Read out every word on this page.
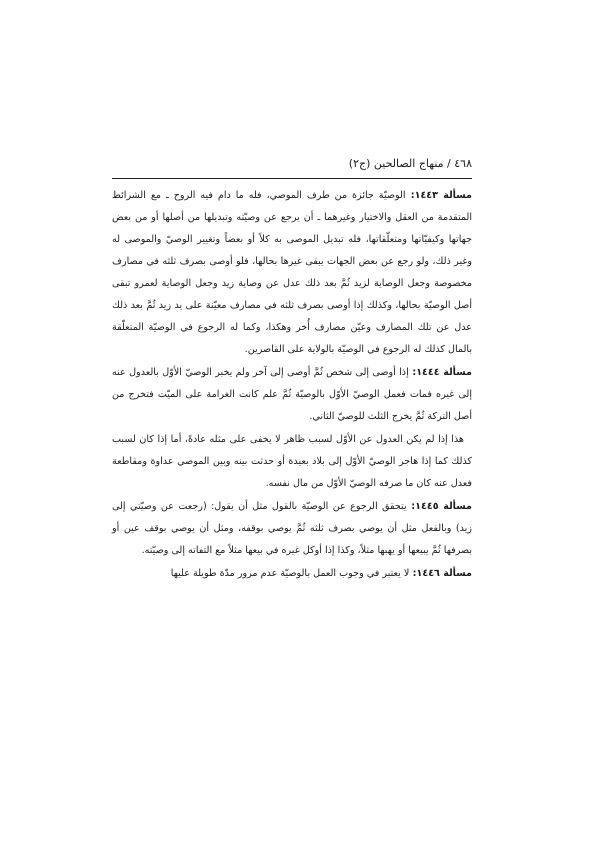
٤٦٨ / منهاج الصالحين (ج٢)

مسألة ١٤٤٣: الوصيّة جائزة من طرف الموصي، فله ما دام فيه الروح ـ مع الشرائط المتقدمة من العقل والاختيار وغيرهما ـ أن يرجع عن وصيّته وتبديلها من أصلها أو من بعض جهاتها وكيفيّاتها ومتعلّقاتها، فله تبديل الموصى به كلاً أو بعضاً وتغيير الوصيّ والموصى له وغير ذلك، ولو رجع عن بعض الجهات يبقى غيرها بحالها، فلو أوصى بصرف ثلثه في مصارف مخصوصة وجعل الوصاية لزيد ثُمَّ بعد ذلك عدل عن وصاية زيد وجعل الوصاية لعمرو تبقى أصل الوصيّة بحالها، وكذلك إذا أوصى بصرف ثلثه في مصارف معيّنة على يد زيد ثُمَّ بعد ذلك عدل عن تلك المصارف وعيّن مصارف أُخر وهكذا، وكما له الرجوع في الوصيّة المتعلّقة بالمال كذلك له الرجوع في الوصيّة بالولاية على القاصرين.

مسألة ١٤٤٤: إذا أوصى إلى شخص ثُمَّ أوصى إلى آخر ولم يخبر الوصيّ الأوّل بالعدول عنه إلى غيره فمات فعمل الوصيّ الأوّل بالوصيّة ثُمَّ علم كانت الغرامة على الميّت فتخرج من أصل التركة ثُمَّ يخرج الثلث للوصيّ الثاني.

هذا إذا لم يكن العدول عن الأوّل لسبب ظاهر لا يخفى على مثله عادةً، أما إذا كان لسبب كذلك كما إذا هاجر الوصيّ الأوّل إلى بلاد بعيدة أو حدثت بينه وبين الموصي عداوة ومقاطعة فعدل عنه كان ما صرفه الوصيّ الأوّل من مال نفسه.

مسألة ١٤٤٥: يتحقق الرجوع عن الوصيّة بالقول مثل أن يقول: (رجعت عن وصيّتي إلى زيد) وبالفعل مثل أن يوصي بصرف ثلثه ثُمَّ يوصي بوقفه، ومثل أن يوصي بوقف عين أو بصرفها ثُمَّ يبيعها أو يهبها مثلاً، وكذا إذا أوكل غيره في بيعها مثلاً مع التفاته إلى وصيّته.

مسألة ١٤٤٦: لا يعتبر في وجوب العمل بالوصيّة عدم مرور مدّة طويلة عليها
